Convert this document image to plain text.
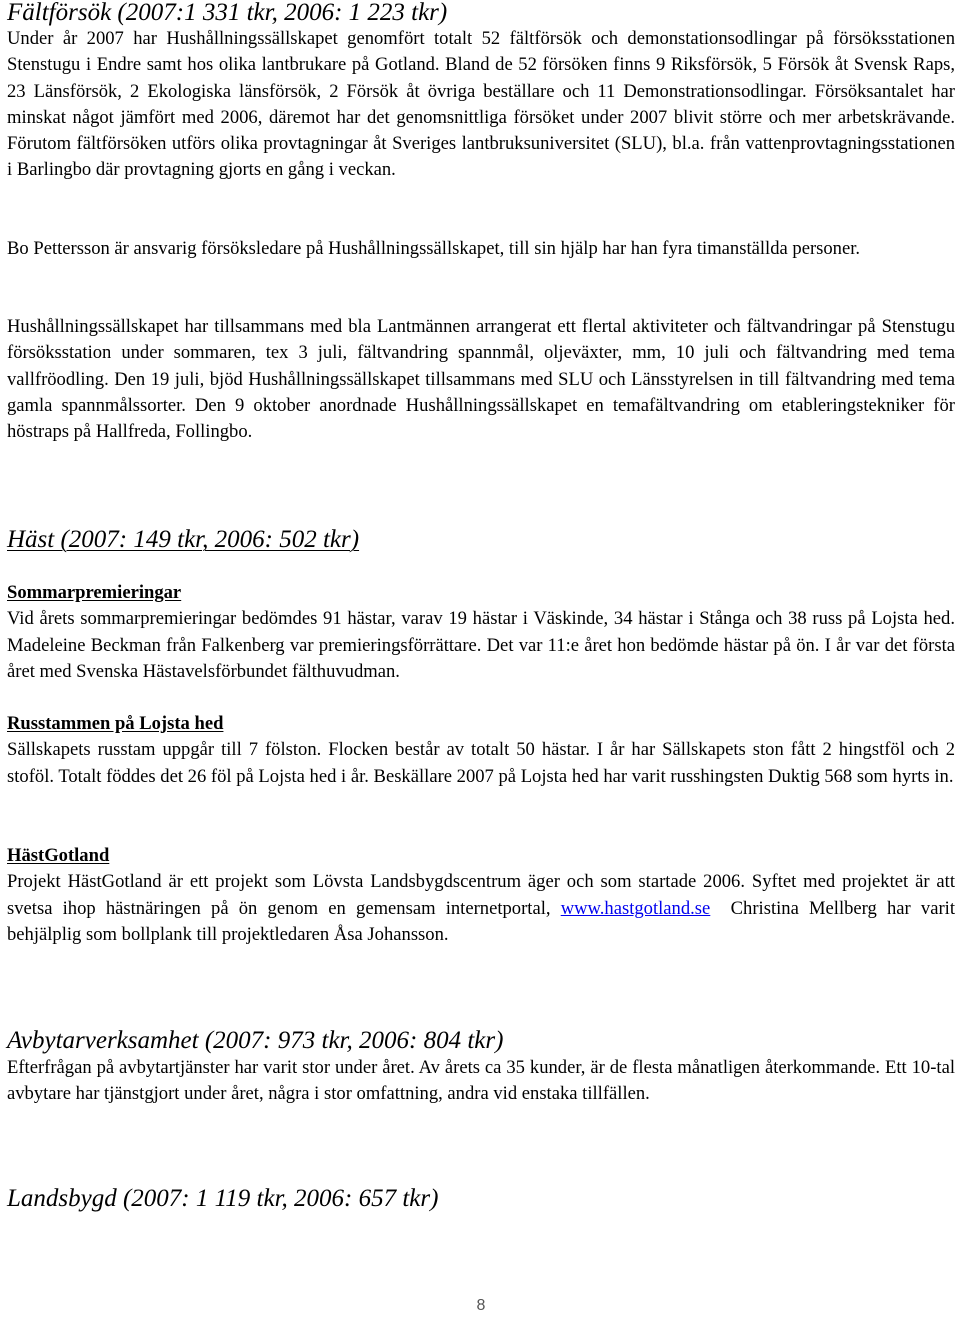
Fältförsök (2007:1 331 tkr, 2006: 1 223 tkr)

Under år 2007 har Hushållningssällskapet genomfört totalt 52 fältförsök och demonstationsodlingar på försöksstationen Stenstugu i Endre samt hos olika lantbrukare på Gotland. Bland de 52 försöken finns 9 Riksförsök, 5 Försök åt Svensk Raps, 23 Länsförsök, 2 Ekologiska länsförsök, 2 Försök åt övriga beställare och 11 Demonstrationsodlingar. Försöksantalet har minskat något jämfört med 2006, däremot har det genomsnittliga försöket under 2007 blivit större och mer arbetskrävande. Förutom fältförsöken utförs olika provtagningar åt Sveriges lantbruksuniversitet (SLU), bl.a. från vattenprovtagningsstationen i Barlingbo där provtagning gjorts en gång i veckan.

Bo Pettersson är ansvarig försöksledare på Hushållningssällskapet, till sin hjälp har han fyra timanställda personer.

Hushållningssällskapet har tillsammans med bla Lantmännen arrangerat ett flertal aktiviteter och fältvandringar på Stenstugu försöksstation under sommaren, tex 3 juli, fältvandring spannmål, oljeväxter, mm, 10 juli och fältvandring med tema vallfröodling. Den 19 juli, bjöd Hushållningssällskapet tillsammans med SLU och Länsstyrelsen in till fältvandring med tema gamla spannmålssorter. Den 9 oktober anordnade Hushållningssällskapet en temafältvandring om etableringstekniker för höstraps på Hallfreda, Follingbo.

Häst (2007: 149 tkr, 2006: 502 tkr)

Sommarpremieringar

Vid årets sommarpremieringar bedömdes 91 hästar, varav 19 hästar i Väskinde, 34 hästar i Stånga och 38 russ på Lojsta hed. Madeleine Beckman från Falkenberg var premieringsförrättare. Det var 11:e året hon bedömde hästar på ön. I år var det första året med Svenska Hästavelsförbundet fälthuvudman.

Russtammen på Lojsta hed

Sällskapets russtam uppgår till 7 fölston. Flocken består av totalt 50 hästar. I år har Sällskapets ston fått 2 hingstföl och 2 stoföl. Totalt föddes det 26 föl på Lojsta hed i år. Beskällare 2007 på Lojsta hed har varit russhingsten Duktig 568 som hyrts in.

HästGotland

Projekt HästGotland är ett projekt som Lövsta Landsbygdscentrum äger och som startade 2006. Syftet med projektet är att svetsa ihop hästnäringen på ön genom en gemensam internetportal, www.hastgotland.se  Christina Mellberg har varit behjälplig som bollplank till projektledaren Åsa Johansson.

Avbytarverksamhet (2007: 973 tkr, 2006: 804 tkr)

Efterfrågan på avbytartjänster har varit stor under året. Av årets ca 35 kunder, är de flesta månatligen återkommande. Ett 10-tal avbytare har tjänstgjort under året, några i stor omfattning, andra vid enstaka tillfällen.

Landsbygd (2007: 1 119 tkr, 2006: 657 tkr)
8
